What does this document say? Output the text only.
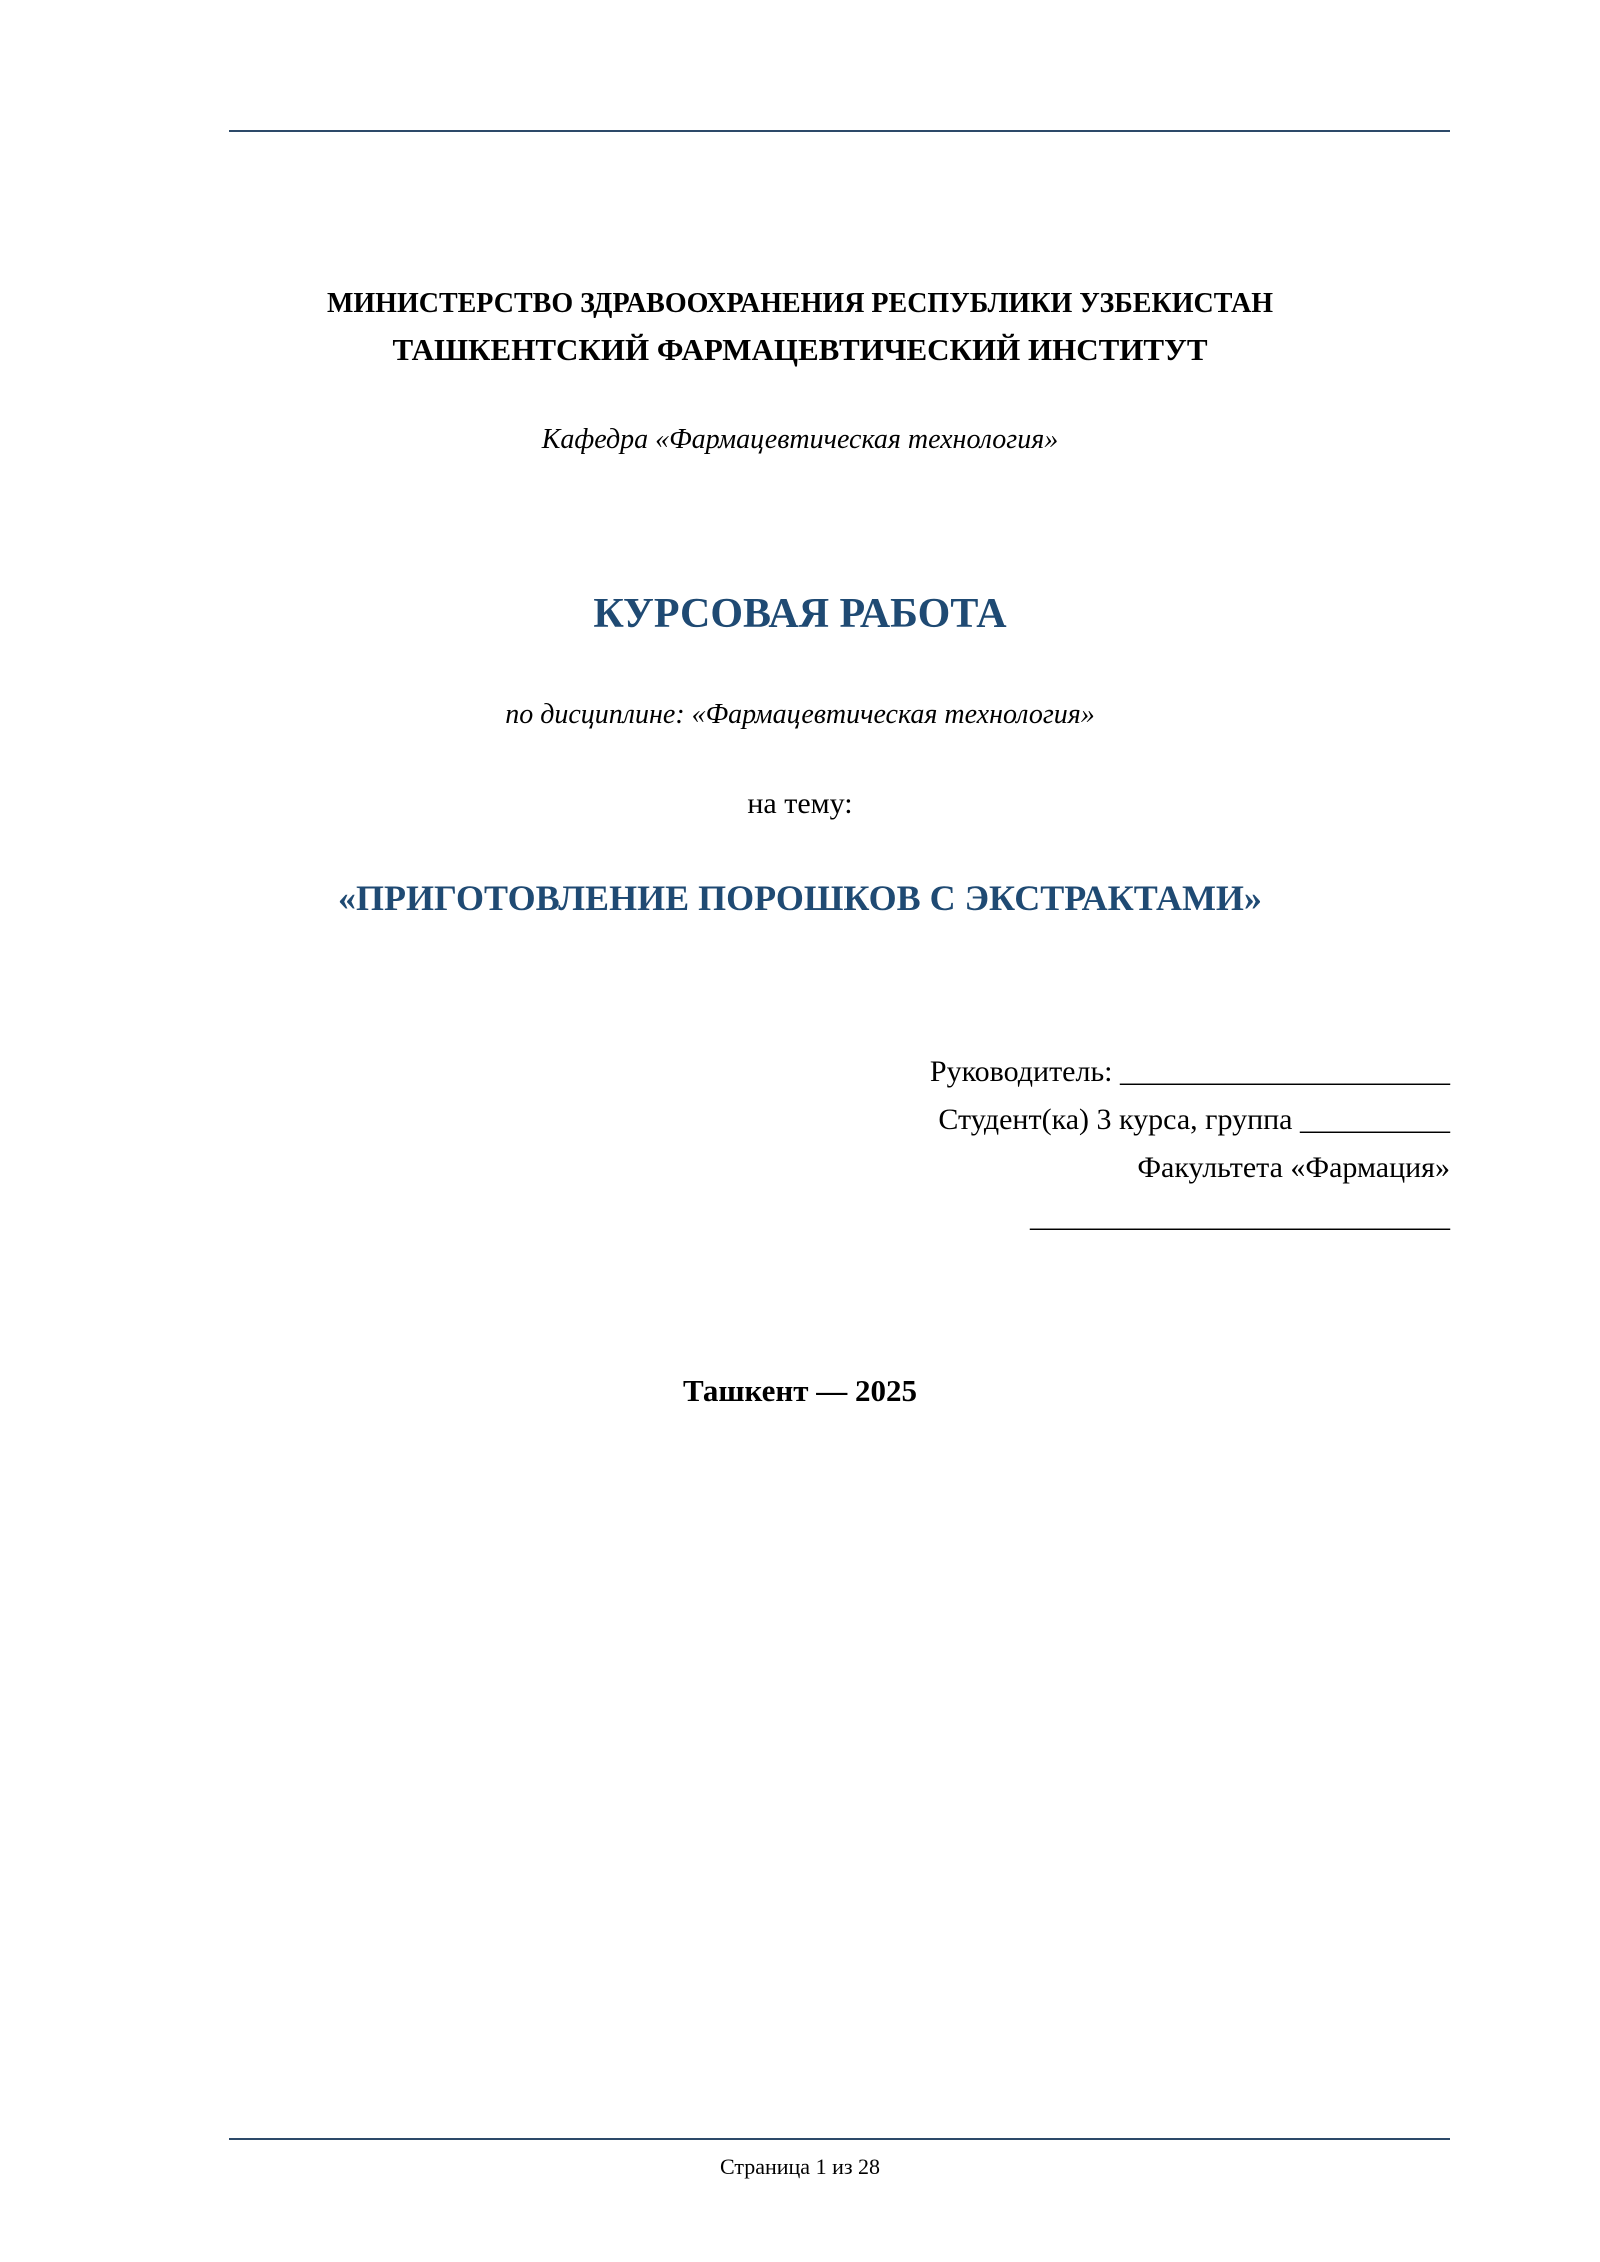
МИНИСТЕРСТВО ЗДРАВООХРАНЕНИЯ РЕСПУБЛИКИ УЗБЕКИСТАН
ТАШКЕНТСКИЙ ФАРМАЦЕВТИЧЕСКИЙ ИНСТИТУТ
Кафедра «Фармацевтическая технология»
КУРСОВАЯ РАБОТА
по дисциплине: «Фармацевтическая технология»
на тему:
«ПРИГОТОВЛЕНИЕ ПОРОШКОВ С ЭКСТРАКТАМИ»
Руководитель: ______________________
Студент(ка) 3 курса, группа __________
Факультета «Фармация»
____________________________
Ташкент — 2025
Страница 1 из 28
